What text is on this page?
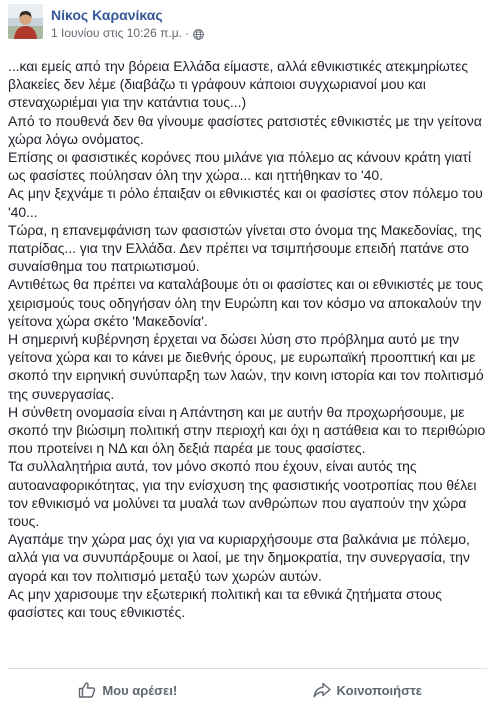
Νίκος Καρανίκας
1 Ιουνίου στις 10:26 π.μ. ·

...και εμείς από την βόρεια Ελλάδα είμαστε, αλλά εθνικιστικές ατεκμηρίωτες

βλακείες δεν λέμε (διαβάζω τι γράφουν κάποιοι συγχωριανοί μου και

στεναχωριέμαι για την κατάντια τους...)

Από το πουθενά δεν θα γίνουμε φασίστες ρατσιστές εθνικιστές με την γείτονα

χώρα λόγω ονόματος.

Επίσης οι φασιστικές κορόνες που μιλάνε για πόλεμο ας κάνουν κράτη γιατί

ως φασίστες πούλησαν όλη την χώρα... και ηττήθηκαν το '40.

Ας μην ξεχνάμε τι ρόλο έπαιξαν οι εθνικιστές και οι φασίστες στον πόλεμο του

'40...

Τώρα, η επανεμφάνιση των φασιστών γίνεται στο όνομα της Μακεδονίας, της

πατρίδας... για την Ελλάδα. Δεν πρέπει να τσιμπήσουμε επειδή πατάνε στο

συναίσθημα του πατριωτισμού.

Αντιθέτως θα πρέπει να καταλάβουμε ότι οι φασίστες και οι εθνικιστές με τους

χειρισμούς τους οδηγήσαν όλη την Ευρώπη και τον κόσμο να αποκαλούν την

γείτονα χώρα σκέτο 'Μακεδονία'.

Η σημερινή κυβέρνηση έρχεται να δώσει λύση στο πρόβλημα αυτό με την

γείτονα χώρα και το κάνει με διεθνής όρους, με ευρωπαϊκή προοπτική και με

σκοπό την ειρηνική συνύπαρξη των λαών, την κοινη ιστορία και τον πολιτισμό

της συνεργασίας.

Η σύνθετη ονομασία είναι η Απάντηση και με αυτήν θα προχωρήσουμε, με

σκοπό την βιώσιμη πολιτική στην περιοχή και όχι η αστάθεια και το περιθώριο

που προτείνει η ΝΔ και όλη δεξιά παρέα με τους φασίστες.

Τα συλλαλητήρια αυτά, τον μόνο σκοπό που έχουν, είναι αυτός της

αυτοαναφορικότητας, για την ενίσχυση της φασιστικής νοοτροπίας που θέλει

τον εθνικισμό να μολύνει τα μυαλά των ανθρώπων που αγαπούν την χώρα

τους.

Αγαπάμε την χώρα μας όχι για να κυριαρχήσουμε στα βαλκάνια με πόλεμο,

αλλά για να συνυπάρξουμε οι λαοί, με την δημοκρατία, την συνεργασία, την

αγορά και τον πολιτισμό μεταξύ των χωρών αυτών.

Ας μην χαρισουμε την εξωτερική πολιτική και τα εθνικά ζητήματα στους

φασίστες και τους εθνικιστές.

Μου αρέσει!	Κοινοποιήστε
